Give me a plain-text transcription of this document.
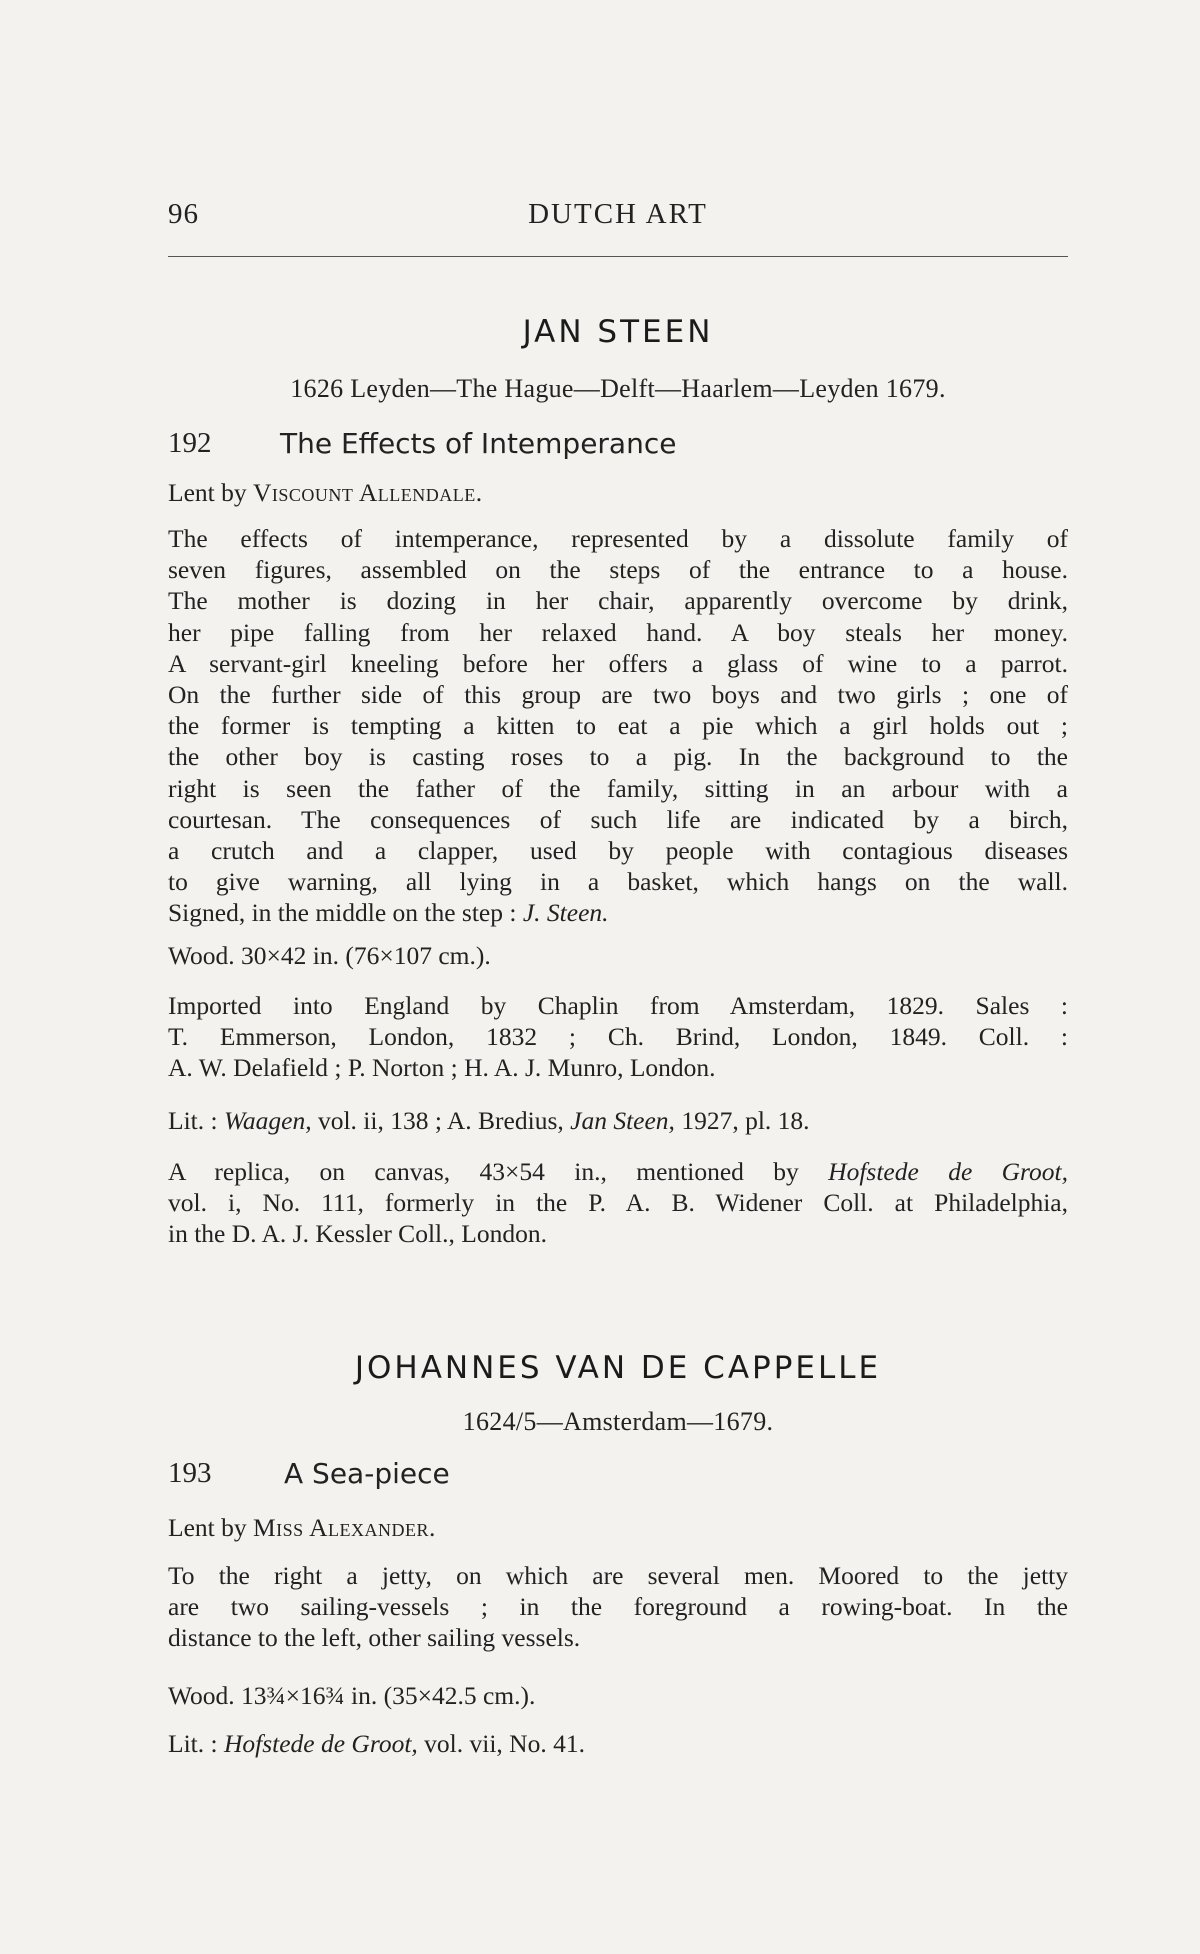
96	DUTCH ART
JAN STEEN
1626 Leyden—The Hague—Delft—Haarlem—Leyden 1679.
192 The Effects of Intemperance
Lent by Viscount Allendale.
The effects of intemperance, represented by a dissolute family of
seven figures, assembled on the steps of the entrance to a house.
The mother is dozing in her chair, apparently overcome by drink,
her pipe falling from her relaxed hand. A boy steals her money.
A servant-girl kneeling before her offers a glass of wine to a parrot.
On the further side of this group are two boys and two girls ; one of
the former is tempting a kitten to eat a pie which a girl holds out ;
the other boy is casting roses to a pig. In the background to the
right is seen the father of the family, sitting in an arbour with a
courtesan. The consequences of such life are indicated by a birch,
a crutch and a clapper, used by people with contagious diseases
to give warning, all lying in a basket, which hangs on the wall.
Signed, in the middle on the step : J. Steen.
Wood. 30×42 in. (76×107 cm.).
Imported into England by Chaplin from Amsterdam, 1829. Sales :
T. Emmerson, London, 1832 ; Ch. Brind, London, 1849. Coll. :
A. W. Delafield ; P. Norton ; H. A. J. Munro, London.
Lit. : Waagen, vol. ii, 138 ; A. Bredius, Jan Steen, 1927, pl. 18.
A replica, on canvas, 43×54 in., mentioned by Hofstede de Groot,
vol. i, No. 111, formerly in the P. A. B. Widener Coll. at Philadelphia,
in the D. A. J. Kessler Coll., London.
JOHANNES VAN DE CAPPELLE
1624/5—Amsterdam—1679.
193	A Sea-piece
Lent by Miss Alexander.
To the right a jetty, on which are several men. Moored to the jetty
are two sailing-vessels ; in the foreground a rowing-boat. In the
distance to the left, other sailing vessels.
Wood. 13¾×16¾ in. (35×42.5 cm.).
Lit. : Hofstede de Groot, vol. vii, No. 41.
